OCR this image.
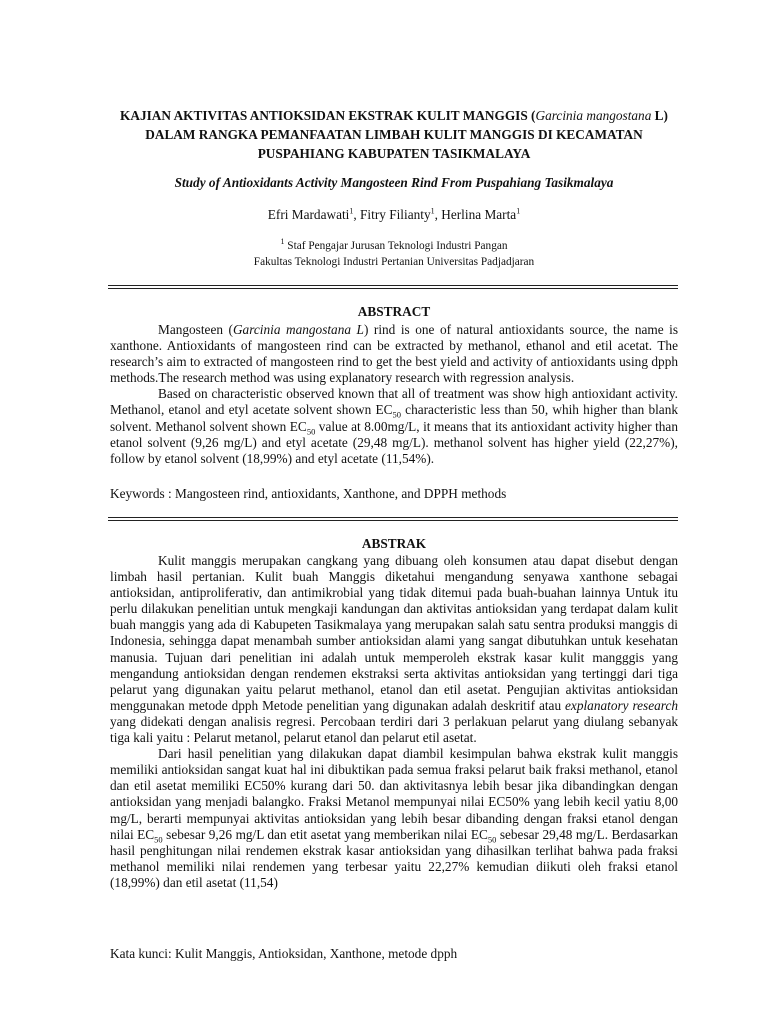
KAJIAN AKTIVITAS ANTIOKSIDAN EKSTRAK KULIT MANGGIS (Garcinia mangostana L) DALAM RANGKA PEMANFAATAN LIMBAH KULIT MANGGIS DI KECAMATAN PUSPAHIANG KABUPATEN TASIKMALAYA
Study of Antioxidants Activity Mangosteen Rind From Puspahiang Tasikmalaya
Efri Mardawati$^1$, Fitry Filianty$^1$, Herlina Marta$^1$
$^1$ Staf Pengajar Jurusan Teknologi Industri Pangan
Fakultas Teknologi Industri Pertanian Universitas Padjadjaran
ABSTRACT

Mangosteen (Garcinia mangostana L) rind is one of natural antioxidants source, the name is xanthone. Antioxidants of mangosteen rind can be extracted by methanol, ethanol and etil acetat. The research’s aim to extracted of mangosteen rind to get the best yield and activity of antioxidants using dpph methods.The research method was using explanatory research with regression analysis.

Based on characteristic observed known that all of treatment was show high antioxidant activity. Methanol, etanol and etyl acetate solvent shown $EC_{50}$ characteristic less than 50, whih higher than blank solvent. Methanol solvent shown $EC_{50}$ value at 8.00mg/L, it means that its antioxidant activity higher than etanol solvent (9,26 mg/L) and etyl acetate (29,48 mg/L). methanol solvent has higher yield (22,27%), follow by etanol solvent (18,99%) and etyl acetate (11,54%).

Keywords : Mangosteen rind, antioxidants, Xanthone, and DPPH methods
ABSTRAK

Kulit manggis merupakan cangkang yang dibuang oleh konsumen atau dapat disebut dengan limbah hasil pertanian. Kulit buah Manggis diketahui mengandung senyawa xanthone sebagai antioksidan, antiproliferativ, dan antimikrobial yang tidak ditemui pada buah-buahan lainnya Untuk itu perlu dilakukan penelitian untuk mengkaji kandungan dan aktivitas antioksidan yang terdapat dalam kulit buah manggis yang ada di Kabupeten Tasikmalaya yang merupakan salah satu sentra produksi manggis di Indonesia, sehingga dapat menambah sumber antioksidan alami yang sangat dibutuhkan untuk kesehatan manusia. Tujuan dari penelitian ini adalah untuk memperoleh ekstrak kasar kulit mangggis yang mengandung antioksidan dengan rendemen ekstraksi serta aktivitas antioksidan yang tertinggi dari tiga pelarut yang digunakan yaitu pelarut methanol, etanol dan etil asetat. Pengujian aktivitas antioksidan menggunakan metode dpph Metode penelitian yang digunakan adalah deskritif atau explanatory research yang didekati dengan analisis regresi. Percobaan terdiri dari 3 perlakuan pelarut yang diulang sebanyak tiga kali yaitu : Pelarut metanol, pelarut etanol dan pelarut etil asetat.

Dari hasil penelitian yang dilakukan dapat diambil kesimpulan bahwa ekstrak kulit manggis memiliki antioksidan sangat kuat hal ini dibuktikan pada semua fraksi pelarut baik fraksi methanol, etanol dan etil asetat memiliki EC50% kurang dari 50. dan aktivitasnya lebih besar jika dibandingkan dengan antioksidan yang menjadi balangko. Fraksi Metanol mempunyai nilai EC50% yang lebih kecil yatiu 8,00 mg/L, berarti mempunyai aktivitas antioksidan yang lebih besar dibanding dengan fraksi etanol dengan nilai $EC_{50}$ sebesar 9,26 mg/L dan etit asetat yang memberikan nilai $EC_{50}$ sebesar 29,48 mg/L. Berdasarkan hasil penghitungan nilai rendemen ekstrak kasar antioksidan yang dihasilkan terlihat bahwa pada fraksi methanol memiliki nilai rendemen yang terbesar yaitu 22,27% kemudian diikuti oleh fraksi etanol (18,99%) dan etil asetat (11,54)

Kata kunci: Kulit Manggis, Antioksidan, Xanthone, metode dpph
